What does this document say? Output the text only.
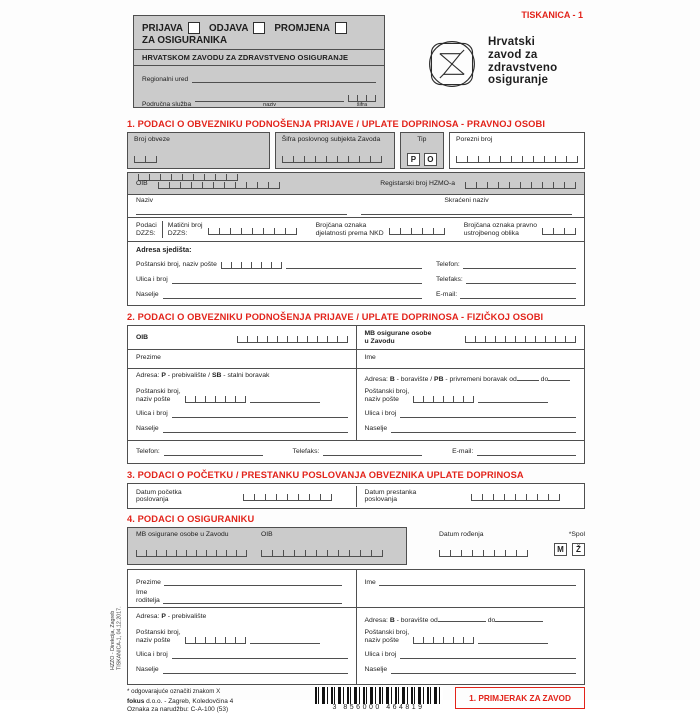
TISKANICA - 1
PRIJAVA	ODJAVA	PROMJENA
ZA OSIGURANIKA
HRVATSKOM ZAVODU ZA ZDRAVSTVENO OSIGURANJE
Regionalni ured
Područna služba	naziv	šifra
Hrvatski
zavod za
zdravstveno
osiguranje
1. PODACI O OBVEZNIKU PODNOŠENJA PRIJAVE / UPLATE DOPRINOSA - PRAVNOJ OSOBI
Broj obveze
	Šifra poslovnog subjekta Zavoda	Tip
P	O
Porezni broj
OIB	Registarski broj HZMO-a
Naziv	Skraćeni naziv
Podaci
DZZS:
Matični broj
DZZS:
Brojčana oznaka
djelatnosti prema NKD
Brojčana oznaka pravno
ustrojbenog oblika
Adresa sjedišta:
Poštanski broj, naziv pošte	Telefon:
Ulica i broj	Telefaks:
Naselje	E-mail:
2. PODACI O OBVEZNIKU PODNOŠENJA PRIJAVE / UPLATE DOPRINOSA - FIZIČKOJ OSOBI
OIB
Prezime
Adresa: P - prebivalište / SB - stalni boravak
Poštanski broj,
naziv pošte
Ulica i broj
Naselje
MB osigurane osobe
u Zavodu
Ime
Adresa: B - boravište / PB - privremeni boravak od	do
Poštanski broj,
naziv pošte
Ulica i broj
Naselje
Telefon:	Telefaks:	E-mail:
3. PODACI O POČETKU / PRESTANKU POSLOVANJA OBVEZNIKA UPLATE DOPRINOSA
Datum početka
poslovanja
Datum prestanka
poslovanja
4. PODACI O OSIGURANIKU
MB osigurane osobe u Zavodu	OIB	Datum rođenja	*Spol
M	Ž
Prezime
Ime
roditelja
Adresa: P - prebivalište
Poštanski broj,
naziv pošte
Ulica i broj
Naselje
Ime
Adresa: B - boravište od	do
Poštanski broj,
naziv pošte
Ulica i broj
Naselje
* odgovarajuće označiti znakom X
fokus d.o.o. - Zagreb, Koledovčina 4
Oznaka za narudžbu: C-A-100 (53)	3 856000 464819
1. PRIMJERAK ZA ZAVOD
HZZO - Direkcija, Zagreb
TISKANICA-1, 04.12.2017.
